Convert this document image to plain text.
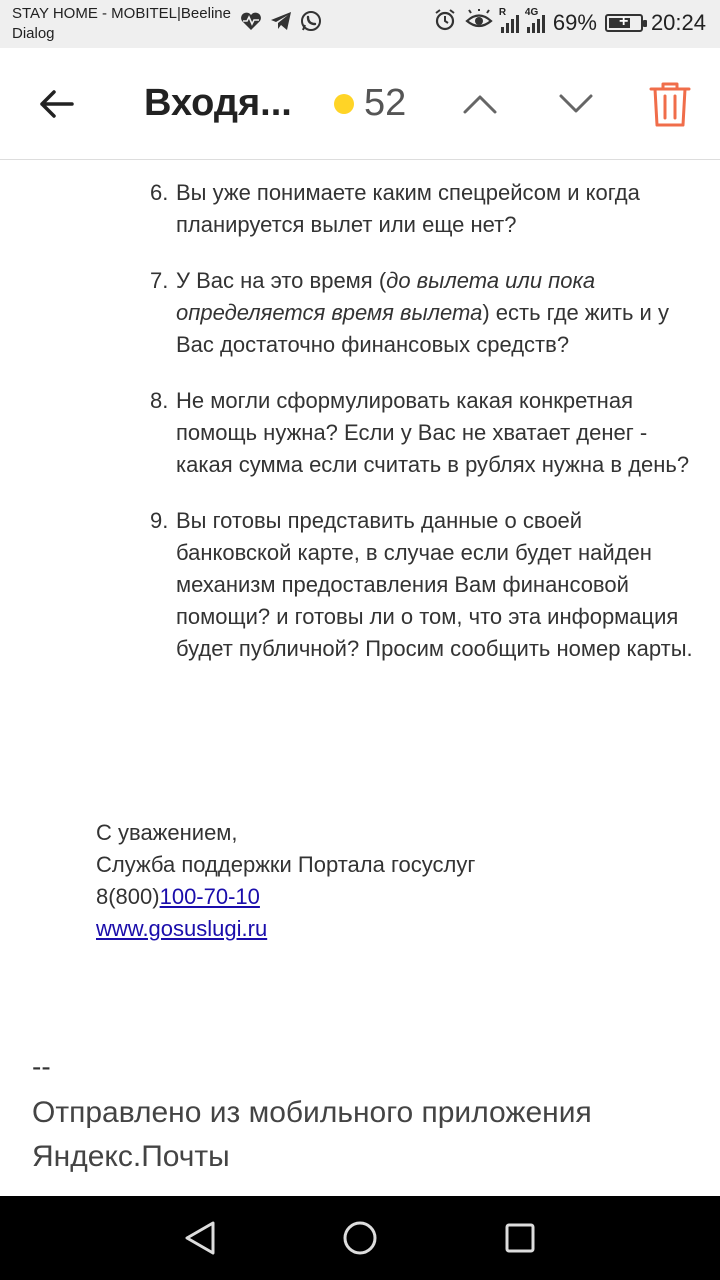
STAY HOME - MOBITEL|Beeline
Dialog
R 4G 69% + 20:24
Входя... 52
6. Вы уже понимаете каким спецрейсом и когда планируется вылет или еще нет?
7. У Вас на это время (до вылета или пока определяется время вылета) есть где жить и у Вас достаточно финансовых средств?
8. Не могли сформулировать какая конкретная помощь нужна? Если у Вас не хватает денег - какая сумма если считать в рублях нужна в день?
9. Вы готовы представить данные о своей банковской карте, в случае если будет найден механизм предоставления Вам финансовой помощи? и готовы ли о том, что эта информация будет публичной? Просим сообщить номер карты.
С уважением,
Служба поддержки Портала госуслуг
8(800)100-70-10
www.gosuslugi.ru
--
Отправлено из мобильного приложения Яндекс.Почты
